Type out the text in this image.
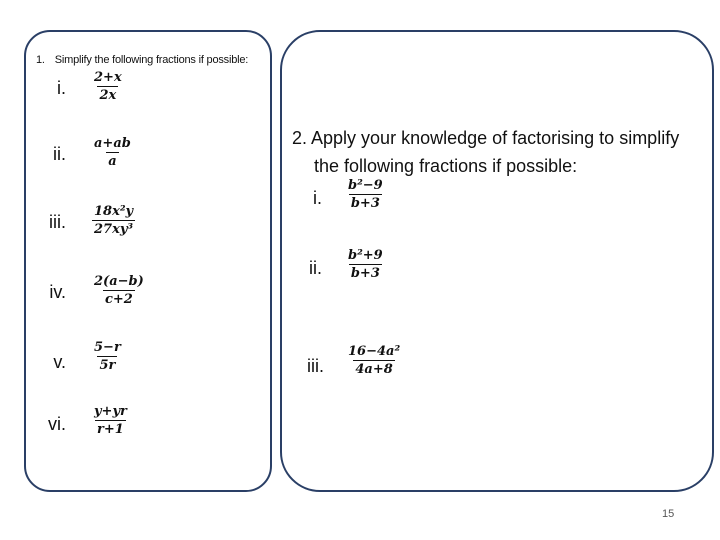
1. Simplify the following fractions if possible:
i. $\frac{2+x}{2x}$
ii. $\frac{a+ab}{a}$
iii. $\frac{\text{18x²y}}{\text{27xy³}}$
iv. $\frac{2(a-b)}{c+2}$
v. $\frac{5-r}{5r}$
vi. $\frac{y+yr}{r+1}$
2. Apply your knowledge of factorising to simplify
the following fractions if possible:
i. $\frac{\text{b²−9}}{b+3}$
ii. $\frac{\text{b²+9}}{b+3}$
iii. $\frac{\text{16−4a²}}{4a+8}$
15
